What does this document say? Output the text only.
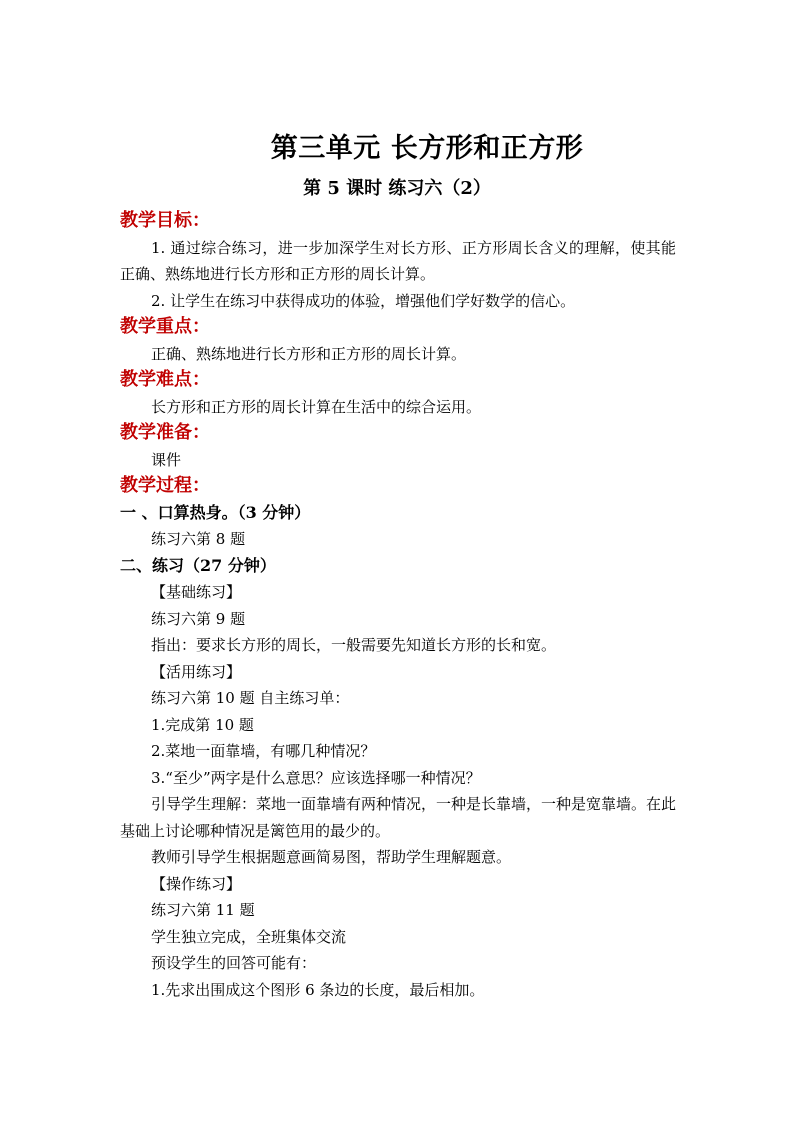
第三单元 长方形和正方形
第 5 课时 练习六（2）
教学目标：
1. 通过综合练习，进一步加深学生对长方形、正方形周长含义的理解，使其能正确、熟练地进行长方形和正方形的周长计算。
2. 让学生在练习中获得成功的体验，增强他们学好数学的信心。
教学重点：
正确、熟练地进行长方形和正方形的周长计算。
教学难点：
长方形和正方形的周长计算在生活中的综合运用。
教学准备：
课件
教学过程：
一 、口算热身。（3 分钟）
练习六第 8 题
二、练习（27 分钟）
【基础练习】
练习六第 9 题
指出：要求长方形的周长，一般需要先知道长方形的长和宽。
【活用练习】
练习六第 10 题 自主练习单：
1.完成第 10 题
2.菜地一面靠墙，有哪几种情况？
3.“至少”两字是什么意思？应该选择哪一种情况？
引导学生理解：菜地一面靠墙有两种情况，一种是长靠墙，一种是宽靠墙。在此基础上讨论哪种情况是篱笆用的最少的。
教师引导学生根据题意画简易图，帮助学生理解题意。
【操作练习】
练习六第 11 题
学生独立完成，全班集体交流
预设学生的回答可能有：
1.先求出围成这个图形 6 条边的长度，最后相加。
